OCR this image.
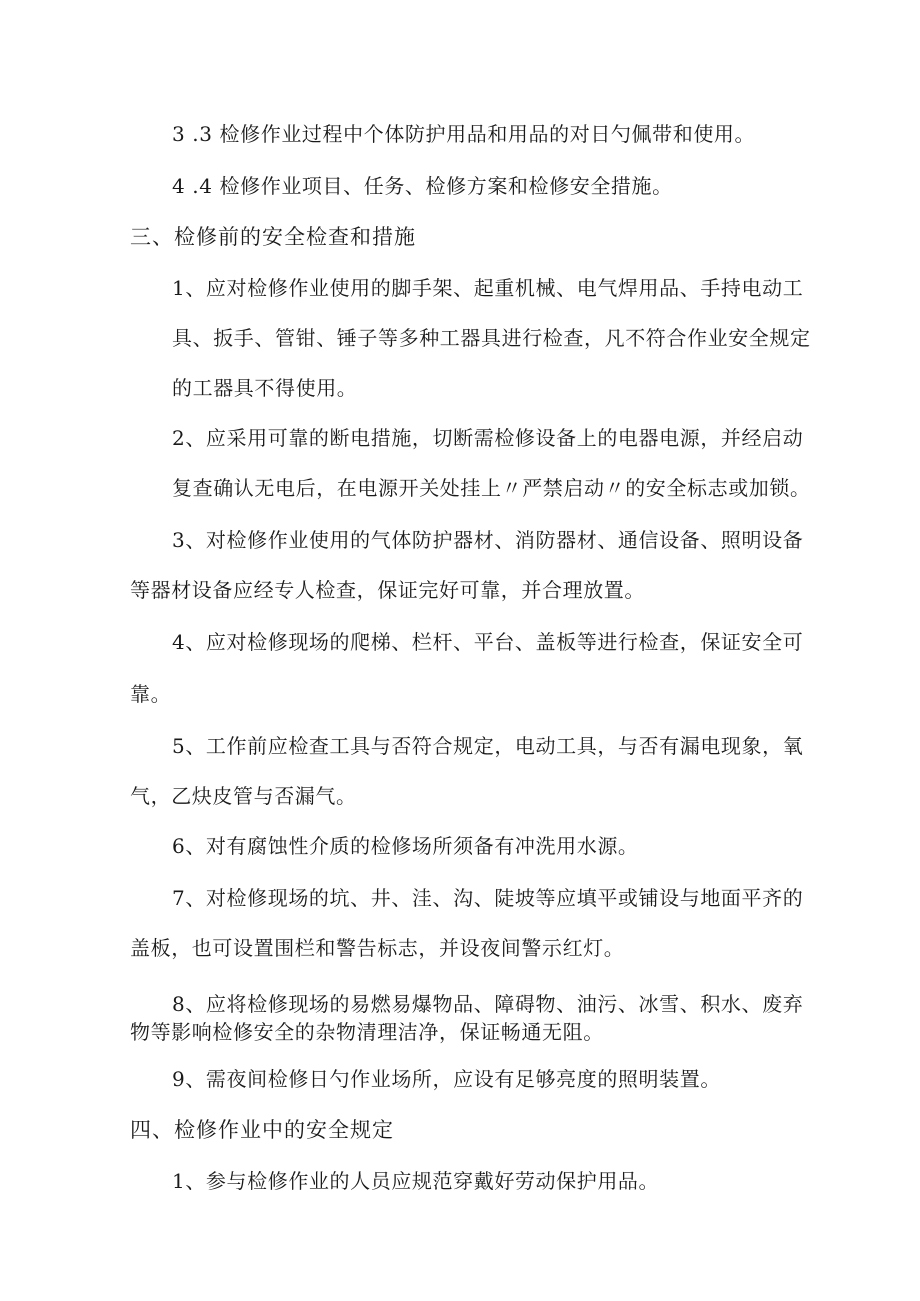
3 .3 检修作业过程中个体防护用品和用品的对日勺佩带和使用。
4 .4 检修作业项目、任务、检修方案和检修安全措施。
三、检修前的安全检查和措施
1、应对检修作业使用的脚手架、起重机械、电气焊用品、手持电动工
具、扳手、管钳、锤子等多种工器具进行检查，凡不符合作业安全规定
的工器具不得使用。
2、应采用可靠的断电措施，切断需检修设备上的电器电源，并经启动
复查确认无电后，在电源开关处挂上〃严禁启动〃的安全标志或加锁。
3、对检修作业使用的气体防护器材、消防器材、通信设备、照明设备
等器材设备应经专人检查，保证完好可靠，并合理放置。
4、应对检修现场的爬梯、栏杆、平台、盖板等进行检查，保证安全可
靠。
5、工作前应检查工具与否符合规定，电动工具，与否有漏电现象，氧
气，乙炔皮管与否漏气。
6、对有腐蚀性介质的检修场所须备有冲洗用水源。
7、对检修现场的坑、井、洼、沟、陡坡等应填平或铺设与地面平齐的
盖板，也可设置围栏和警告标志，并设夜间警示红灯。
8、应将检修现场的易燃易爆物品、障碍物、油污、冰雪、积水、废弃
物等影响检修安全的杂物清理洁净，保证畅通无阻。
9、需夜间检修日勺作业场所，应设有足够亮度的照明装置。
四、检修作业中的安全规定
1、参与检修作业的人员应规范穿戴好劳动保护用品。
